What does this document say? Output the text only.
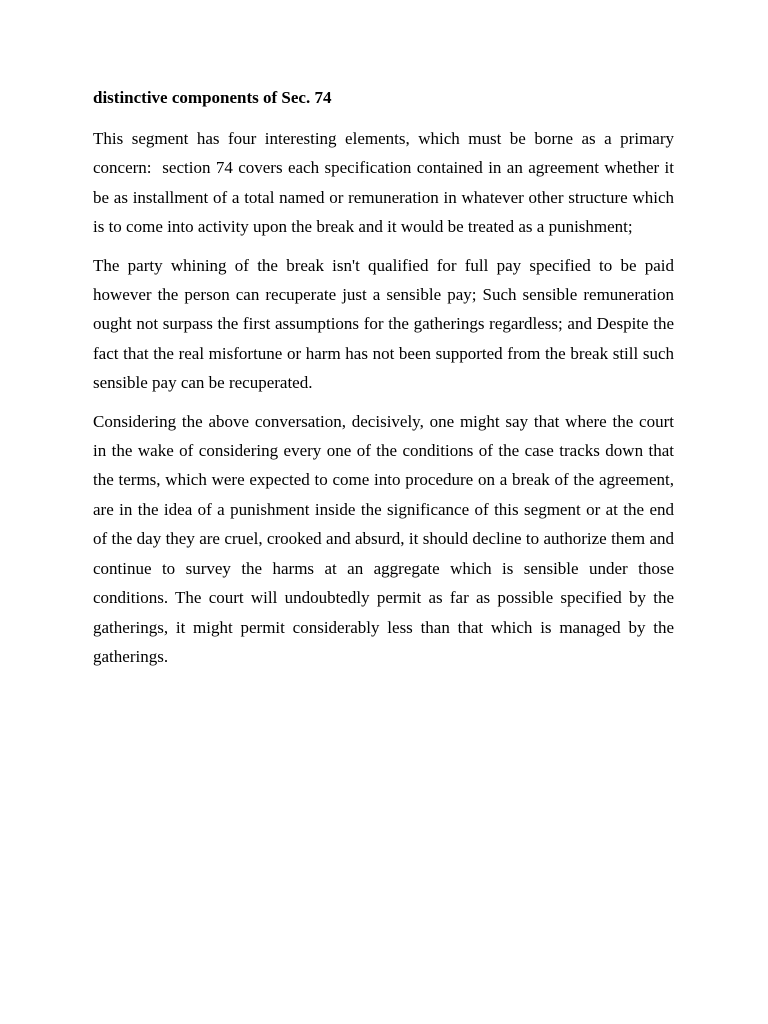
distinctive components of Sec. 74

This segment has four interesting elements, which must be borne as a primary concern:  section 74 covers each specification contained in an agreement whether it be as installment of a total named or remuneration in whatever other structure which is to come into activity upon the break and it would be treated as a punishment;

The party whining of the break isn't qualified for full pay specified to be paid however the person can recuperate just a sensible pay; Such sensible remuneration ought not surpass the first assumptions for the gatherings regardless; and Despite the fact that the real misfortune or harm has not been supported from the break still such sensible pay can be recuperated.

Considering the above conversation, decisively, one might say that where the court in the wake of considering every one of the conditions of the case tracks down that the terms, which were expected to come into procedure on a break of the agreement, are in the idea of a punishment inside the significance of this segment or at the end of the day they are cruel, crooked and absurd, it should decline to authorize them and continue to survey the harms at an aggregate which is sensible under those conditions. The court will undoubtedly permit as far as possible specified by the gatherings, it might permit considerably less than that which is managed by the gatherings.
